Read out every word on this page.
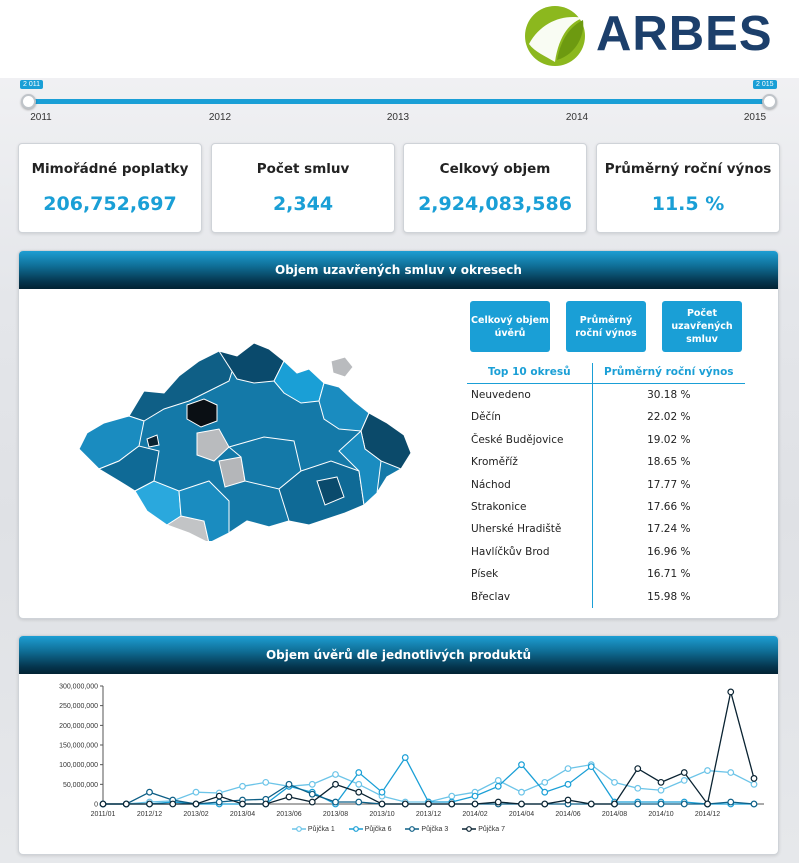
ARBES
2 011	2 015
2011	2012	2013	2014	2015
Mimořádné poplatky
206,752,697
Počet smluv
2,344
Celkový objem
2,924,083,586
Průměrný roční výnos
11.5 %
Objem uzavřených smluv v okresech
Celkový objem úvěrů
Průměrný roční výnos
Počet uzavřených smluv
Top 10 okresů	Průměrný roční výnos
Neuvedeno	30.18 %
Děčín	22.02 %
České Budějovice	19.02 %
Kroměříž	18.65 %
Náchod	17.77 %
Strakonice	17.66 %
Uherské Hradiště	17.24 %
Havlíčkův Brod	16.96 %
Písek	16.71 %
Břeclav	15.98 %
Objem úvěrů dle jednotlivých produktů
0
50,000,000
100,000,000
150,000,000
200,000,000
250,000,000
300,000,000
2011/01	2012/12	2013/02	2013/04	2013/06	2013/08	2013/10	2013/12	2014/02	2014/04	2014/06	2014/08	2014/10	2014/12
Půjčka 1	Půjčka 6	Půjčka 3	Půjčka 7
